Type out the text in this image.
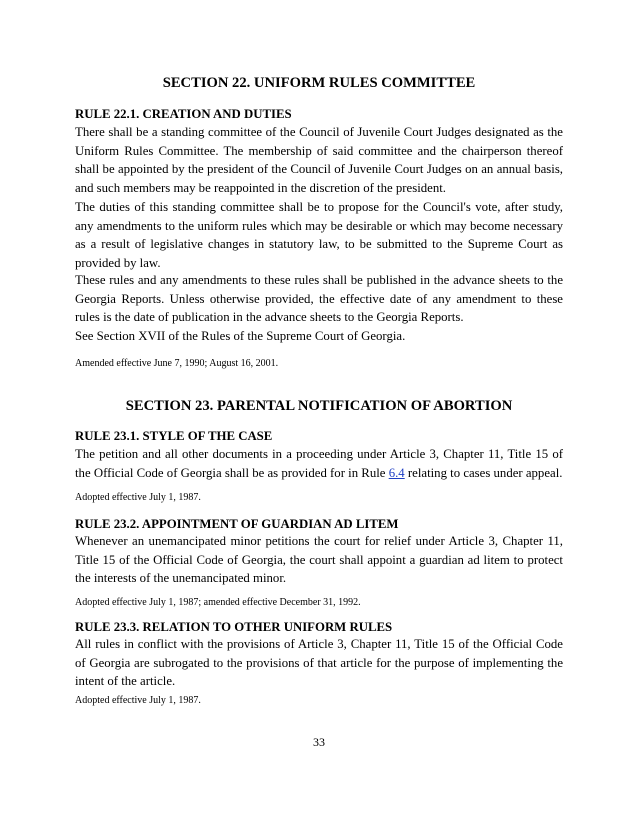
SECTION 22. UNIFORM RULES COMMITTEE
RULE 22.1. CREATION AND DUTIES

There shall be a standing committee of the Council of Juvenile Court Judges designated as the Uniform Rules Committee. The membership of said committee and the chairperson thereof shall be appointed by the president of the Council of Juvenile Court Judges on an annual basis, and such members may be reappointed in the discretion of the president.

The duties of this standing committee shall be to propose for the Council's vote, after study, any amendments to the uniform rules which may be desirable or which may become necessary as a result of legislative changes in statutory law, to be submitted to the Supreme Court as provided by law.

These rules and any amendments to these rules shall be published in the advance sheets to the Georgia Reports. Unless otherwise provided, the effective date of any amendment to these rules is the date of publication in the advance sheets to the Georgia Reports.

See Section XVII of the Rules of the Supreme Court of Georgia.

Amended effective June 7, 1990; August 16, 2001.

SECTION 23. PARENTAL NOTIFICATION OF ABORTION
RULE 23.1. STYLE OF THE CASE

The petition and all other documents in a proceeding under Article 3, Chapter 11, Title 15 of the Official Code of Georgia shall be as provided for in Rule 6.4 relating to cases under appeal.

Adopted effective July 1, 1987.

RULE 23.2. APPOINTMENT OF GUARDIAN AD LITEM

Whenever an unemancipated minor petitions the court for relief under Article 3, Chapter 11, Title 15 of the Official Code of Georgia, the court shall appoint a guardian ad litem to protect the interests of the unemancipated minor.

Adopted effective July 1, 1987; amended effective December 31, 1992.

RULE 23.3. RELATION TO OTHER UNIFORM RULES

All rules in conflict with the provisions of Article 3, Chapter 11, Title 15 of the Official Code of Georgia are subrogated to the provisions of that article for the purpose of implementing the intent of the article.

Adopted effective July 1, 1987.

33
